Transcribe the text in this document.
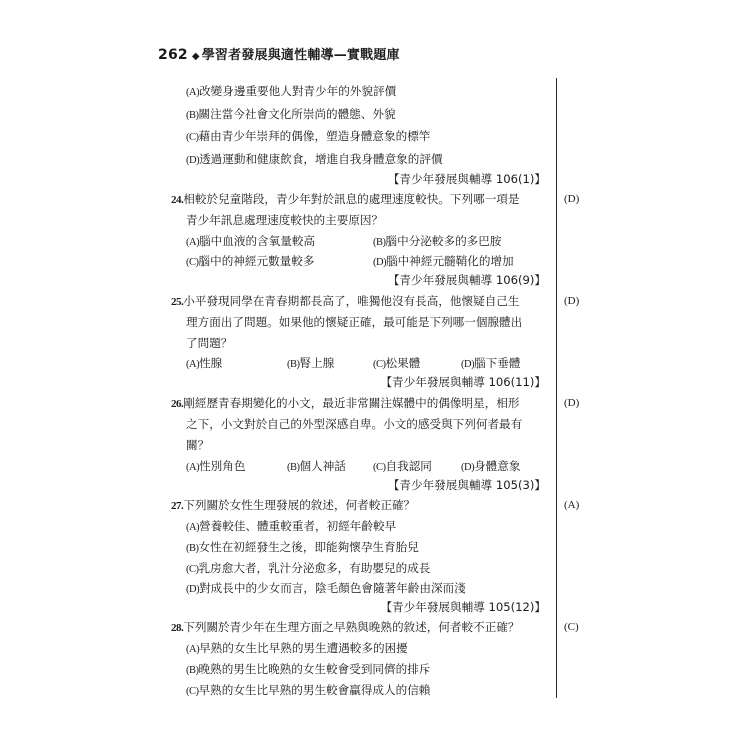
262 ◆ 學習者發展與適性輔導—實戰題庫
(A)改變身邊重要他人對青少年的外貌評價
(B)關注當今社會文化所崇尚的體態、外貌
(C)藉由青少年崇拜的偶像，塑造身體意象的標竿
(D)透過運動和健康飲食，增進自我身體意象的評價
【青少年發展與輔導 106(1)】
24.相較於兒童階段，青少年對於訊息的處理速度較快。下列哪一項是
青少年訊息處理速度較快的主要原因？
(D)
(A)腦中血液的含氧量較高	(B)腦中分泌較多的多巴胺
(C)腦中的神經元數量較多	(D)腦中神經元髓鞘化的增加
【青少年發展與輔導 106(9)】
25.小平發現同學在青春期都長高了，唯獨他沒有長高，他懷疑自己生
理方面出了問題。如果他的懷疑正確，最可能是下列哪一個腺體出
了問題？
(D)
(A)性腺	(B)腎上腺	(C)松果體	(D)腦下垂體
【青少年發展與輔導 106(11)】
26.剛經歷青春期變化的小文，最近非常關注媒體中的偶像明星，相形
之下，小文對於自己的外型深感自卑。小文的感受與下列何者最有
關？
(D)
(A)性別角色	(B)個人神話	(C)自我認同	(D)身體意象
【青少年發展與輔導 105(3)】
27.下列關於女性生理發展的敘述，何者較正確？	(A)
(A)營養較佳、體重較重者，初經年齡較早
(B)女性在初經發生之後，即能夠懷孕生育胎兒
(C)乳房愈大者，乳汁分泌愈多，有助嬰兒的成長
(D)對成長中的少女而言，陰毛顏色會隨著年齡由深而淺
【青少年發展與輔導 105(12)】
28.下列關於青少年在生理方面之早熟與晚熟的敘述，何者較不正確？	(C)
(A)早熟的女生比早熟的男生遭遇較多的困擾
(B)晚熟的男生比晚熟的女生較會受到同儕的排斥
(C)早熟的女生比早熟的男生較會贏得成人的信賴
